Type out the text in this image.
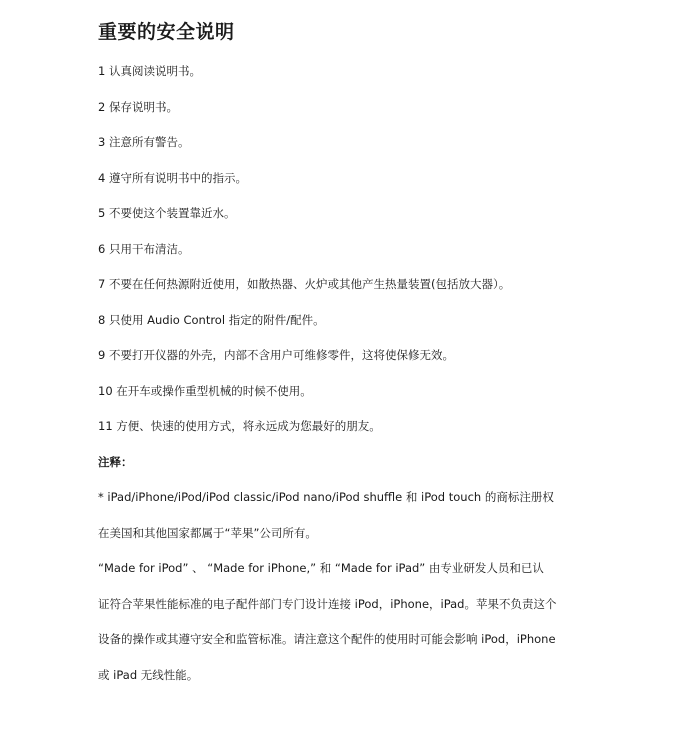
重要的安全说明

1 认真阅读说明书。

2 保存说明书。

3 注意所有警告。

4 遵守所有说明书中的指示。

5 不要使这个装置靠近水。

6 只用干布清洁。

7 不要在任何热源附近使用，如散热器、火炉或其他产生热量装置(包括放大器）。

8 只使用 Audio Control 指定的附件/配件。

9 不要打开仪器的外壳，内部不含用户可维修零件，这将使保修无效。

10 在开车或操作重型机械的时候不使用。

11 方便、快速的使用方式，将永远成为您最好的朋友。

注释：

* iPad/iPhone/iPod/iPod classic/iPod nano/iPod shuffle 和 iPod touch 的商标注册权

在美国和其他国家都属于“苹果”公司所有。

“Made for iPod” 、 “Made for iPhone,” 和 “Made for iPad” 由专业研发人员和已认

证符合苹果性能标准的电子配件部门专门设计连接 iPod，iPhone，iPad。苹果不负责这个

设备的操作或其遵守安全和监管标准。请注意这个配件的使用时可能会影响 iPod，iPhone

或 iPad 无线性能。
